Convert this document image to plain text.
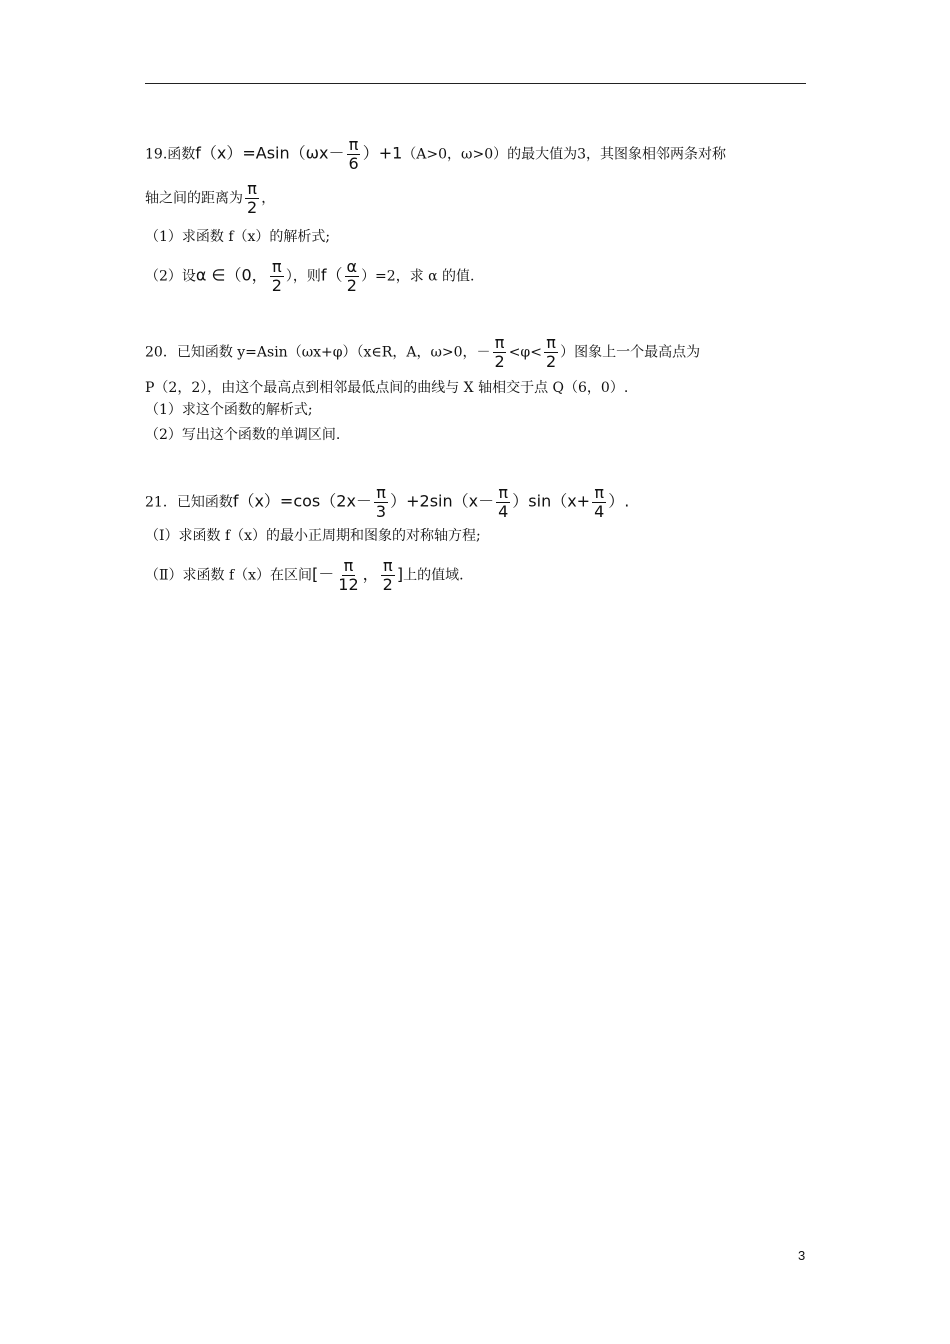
19.函数$f(x)=Asin(\omega x- \frac{\pi}{6} )+1(A>0$，ω>0）的最大值为3，其图象相邻两条对称
轴之间的距离为 $\frac{\pi}{2}$ ，
（1）求函数 f（x）的解析式;
（2）设α ∈（0， $\frac{\pi}{2}$ ），则$f( \frac{\alpha}{2} )=2$，求 α 的值.
20．已知函数 y=Asin（ωx+φ）（x∈R，A，ω>0，－ $\frac{\pi}{2} <\varphi< \frac{\pi}{2}$ ）图象上一个最高点为
P（2，2），由这个最高点到相邻最低点间的曲线与 X 轴相交于点 Q（6，0）.
（1）求这个函数的解析式;
（2）写出这个函数的单调区间.
21．已知函数$f(x)=\cos(2x- \frac{\pi}{3} )+2\sin(x- \frac{\pi}{4} )\sin(x+ \frac{\pi}{4}$ ）.
（Ⅰ）求函数 f（x）的最小正周期和图象的对称轴方程;
（Ⅱ）求函数 f（x）在区间[－ $\frac{\pi}{12}$ ， $\frac{\pi}{2}$ ]上的值域.
3
